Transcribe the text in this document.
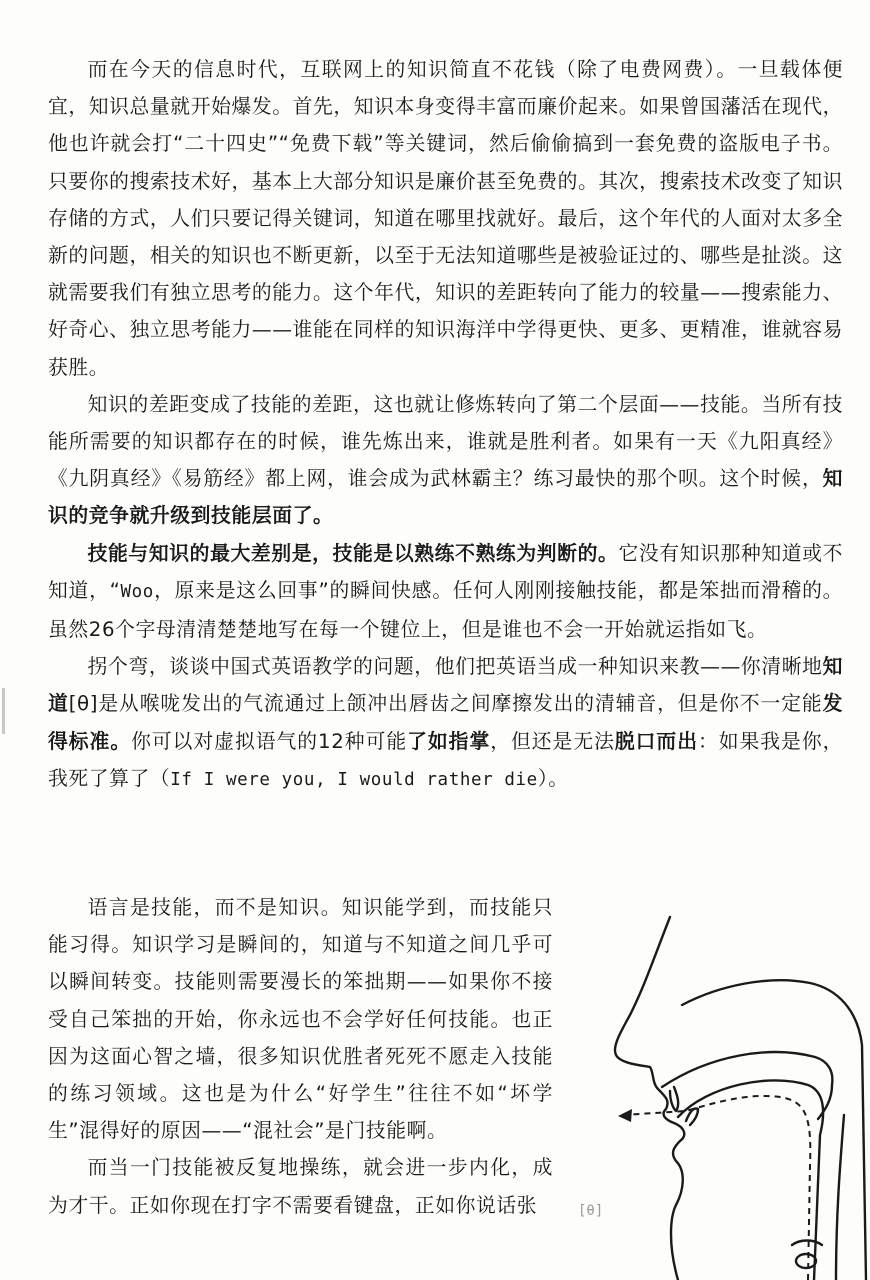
而在今天的信息时代，互联网上的知识简直不花钱（除了电费网费）。一旦载体便宜，知识总量就开始爆发。首先，知识本身变得丰富而廉价起来。如果曾国藩活在现代，他也许就会打“二十四史”“免费下载”等关键词，然后偷偷搞到一套免费的盗版电子书。只要你的搜索技术好，基本上大部分知识是廉价甚至免费的。其次，搜索技术改变了知识存储的方式，人们只要记得关键词，知道在哪里找就好。最后，这个年代的人面对太多全新的问题，相关的知识也不断更新，以至于无法知道哪些是被验证过的、哪些是扯淡。这就需要我们有独立思考的能力。这个年代，知识的差距转向了能力的较量——搜索能力、好奇心、独立思考能力——谁能在同样的知识海洋中学得更快、更多、更精准，谁就容易获胜。

知识的差距变成了技能的差距，这也就让修炼转向了第二个层面——技能。当所有技能所需要的知识都存在的时候，谁先炼出来，谁就是胜利者。如果有一天《九阳真经》《九阴真经》《易筋经》都上网，谁会成为武林霸主？练习最快的那个呗。这个时候，知识的竞争就升级到技能层面了。

技能与知识的最大差别是，技能是以熟练不熟练为判断的。它没有知识那种知道或不知道，“Woo，原来是这么回事”的瞬间快感。任何人刚刚接触技能，都是笨拙而滑稽的。虽然26个字母清清楚楚地写在每一个键位上，但是谁也不会一开始就运指如飞。

拐个弯，谈谈中国式英语教学的问题，他们把英语当成一种知识来教——你清晰地知道[θ]是从喉咙发出的气流通过上颌冲出唇齿之间摩擦发出的清辅音，但是你不一定能发得标准。你可以对虚拟语气的12种可能了如指掌，但还是无法脱口而出：如果我是你，我死了算了（If I were you, I would rather die）。

语言是技能，而不是知识。知识能学到，而技能只能习得。知识学习是瞬间的，知道与不知道之间几乎可以瞬间转变。技能则需要漫长的笨拙期——如果你不接受自己笨拙的开始，你永远也不会学好任何技能。也正因为这面心智之墙，很多知识优胜者死死不愿走入技能的练习领域。这也是为什么“好学生”往往不如“坏学生”混得好的原因——“混社会”是门技能啊。

而当一门技能被反复地操练，就会进一步内化，成为才干。正如你现在打字不需要看键盘，正如你说话张	[θ]
